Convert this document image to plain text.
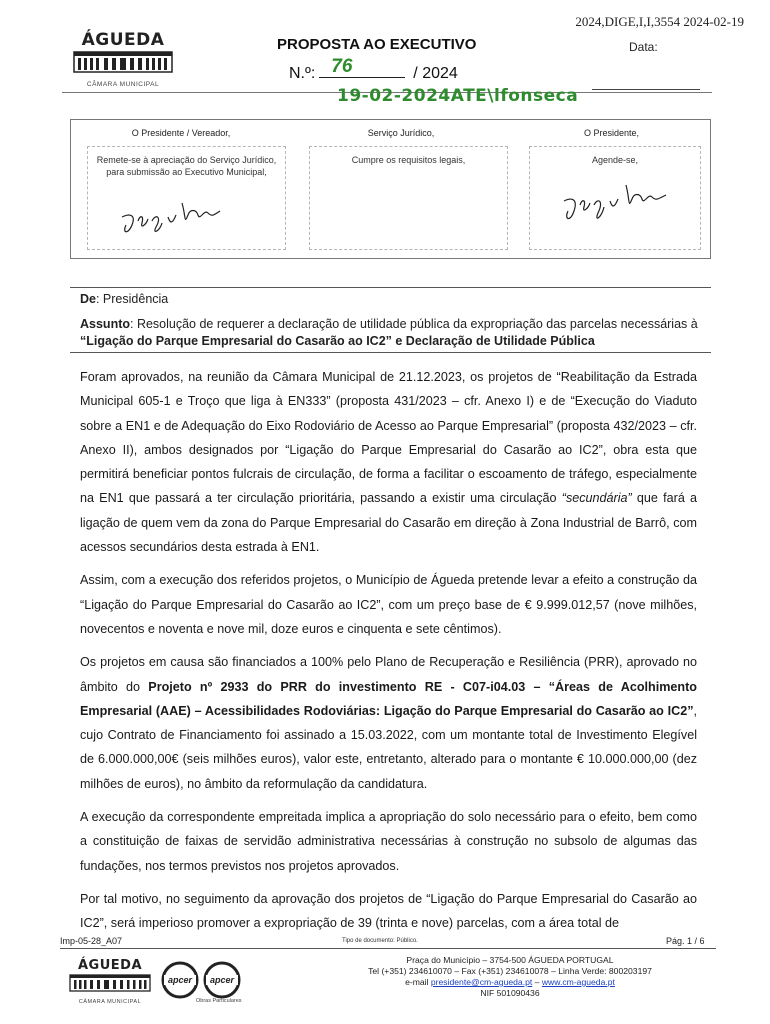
2024,DIGE,I,I,3554 2024-02-19
ÁGUEDA
CÂMARA MUNICIPAL
PROPOSTA AO EXECUTIVO	Data:
N.º: 76	/ 2024
19-02-2024ATE\lfonseca
O Presidente / Vereador,
Remete-se à apreciação do Serviço Jurídico, para submissão ao Executivo Municipal,
Serviço Jurídico,
Cumpre os requisitos legais,
O Presidente,
Agende-se,
De: Presidência
Assunto: Resolução de requerer a declaração de utilidade pública da expropriação das parcelas necessárias à
“Ligação do Parque Empresarial do Casarão ao IC2” e Declaração de Utilidade Pública

Foram aprovados, na reunião da Câmara Municipal de 21.12.2023, os projetos de “Reabilitação da Estrada Municipal 605-1 e Troço que liga à EN333” (proposta 431/2023 – cfr. Anexo I) e de “Execução do Viaduto sobre a EN1 e de Adequação do Eixo Rodoviário de Acesso ao Parque Empresarial” (proposta 432/2023 – cfr. Anexo II), ambos designados por “Ligação do Parque Empresarial do Casarão ao IC2”, obra esta que permitirá beneficiar pontos fulcrais de circulação, de forma a facilitar o escoamento de tráfego, especialmente na EN1 que passará a ter circulação prioritária, passando a existir uma circulação “secundária” que fará a ligação de quem vem da zona do Parque Empresarial do Casarão em direção à Zona Industrial de Barrô, com acessos secundários desta estrada à EN1.

Assim, com a execução dos referidos projetos, o Município de Águeda pretende levar a efeito a construção da “Ligação do Parque Empresarial do Casarão ao IC2”, com um preço base de € 9.999.012,57 (nove milhões, novecentos e noventa e nove mil, doze euros e cinquenta e sete cêntimos).

Os projetos em causa são financiados a 100% pelo Plano de Recuperação e Resiliência (PRR), aprovado no âmbito do Projeto nº 2933 do PRR do investimento RE - C07-i04.03 – “Áreas de Acolhimento Empresarial (AAE) – Acessibilidades Rodoviárias: Ligação do Parque Empresarial do Casarão ao IC2”, cujo Contrato de Financiamento foi assinado a 15.03.2022, com um montante total de Investimento Elegível de 6.000.000,00€ (seis milhões euros), valor este, entretanto, alterado para o montante € 10.000.000,00 (dez milhões de euros), no âmbito da reformulação da candidatura.

A execução da correspondente empreitada implica a apropriação do solo necessário para o efeito, bem como a constituição de faixas de servidão administrativa necessárias à construção no subsolo de algumas das fundações, nos termos previstos nos projetos aprovados.

Por tal motivo, no seguimento da aprovação dos projetos de “Ligação do Parque Empresarial do Casarão ao IC2”, será imperioso promover a expropriação de 39 (trinta e nove) parcelas, com a área total de

Imp-05-28_A07	Tipo de documento: Público.	Pág. 1 / 6
ÁGUEDA
CÂMARA MUNICIPAL
apcer apcer
Obras Particulares
Praça do Município – 3754-500 ÁGUEDA PORTUGAL
Tel (+351) 234610070 – Fax (+351) 234610078 – Linha Verde: 800203197
e-mail presidente@cm-agueda.pt – www.cm-agueda.pt
NIF 501090436
